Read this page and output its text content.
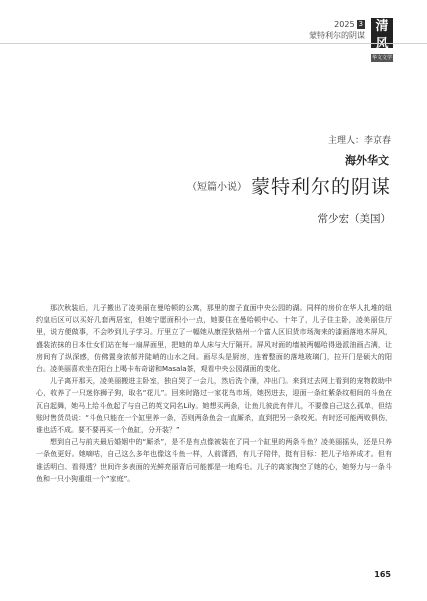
2025 3
蒙特利尔的阴谋
清风
华文文学
主理人：李京春
海外华文
（短篇小说） 蒙特利尔的阴谋
常少宏（美国）

那次秋装后，儿子搬出了凌美丽在曼哈顿的公寓，那里的窗子直面中央公园的湖。同样的房价在华人扎堆的纽约皇后区可以买好几套两居室，但她宁愿面积小一点，她要住在曼哈顿中心。十年了，儿子住主卧，凌美丽住厅里，说方便做事，不会吵到儿子学习。厅里立了一幅她从康涅狄格州一个富人区旧货市场淘来的漆画落地木屏风，盛装浓抹的日本仕女们站在每一扇屏面里，把她的单人床与大厅隔开。屏风对面的墙被两幅哈得逊派油画占满，让房间有了纵深感，仿佛置身浓郁并陡峭的山水之间。画尽头是厨房，连着整面的落地玻璃门，拉开门是硕大的阳台。凌美丽喜欢坐在阳台上喝卡布奇诺和Masala茶，观看中央公园湖面的变化。

儿子离开那天，凌美丽搬进主卧室，独自哭了一会儿，然后洗个澡，冲出门。来到过去网上看到的宠物救助中心，收养了一只迷你狮子狗，取名“花儿”。回来时路过一家花鸟市场，她拐进去，迎面一条红紫条纹相间的斗鱼在瓦自起舞，她马上给斗鱼起了与自己的英文同名Lily。她想买两条，让鱼儿彼此有伴儿，不要像自己这么孤单，但结账时售货员说：“斗鱼只能在一个缸里养一条，否则两条鱼会一直厮杀，直到把另一条咬死。有时还可能两败俱伤，谁也活不成。要不要再买一个鱼缸，分开装？”

想到自己与前夫最后婚姻中的“厮杀”，是不是有点像被装在了同一个缸里的两条斗鱼？凌美丽摇头，还是只养一条鱼更好。她嘀咕，自己这么多年也像这斗鱼一样，人前潇洒，有儿子陪伴，挺有目标：把儿子培养成才。但有谁活明白、看得透？世间许多表面的光鲜亮丽背后可能都是一地鸡毛。儿子的离家掏空了她的心，她努力与一条斗鱼和一只小狗重组一个“家庭”。

165
